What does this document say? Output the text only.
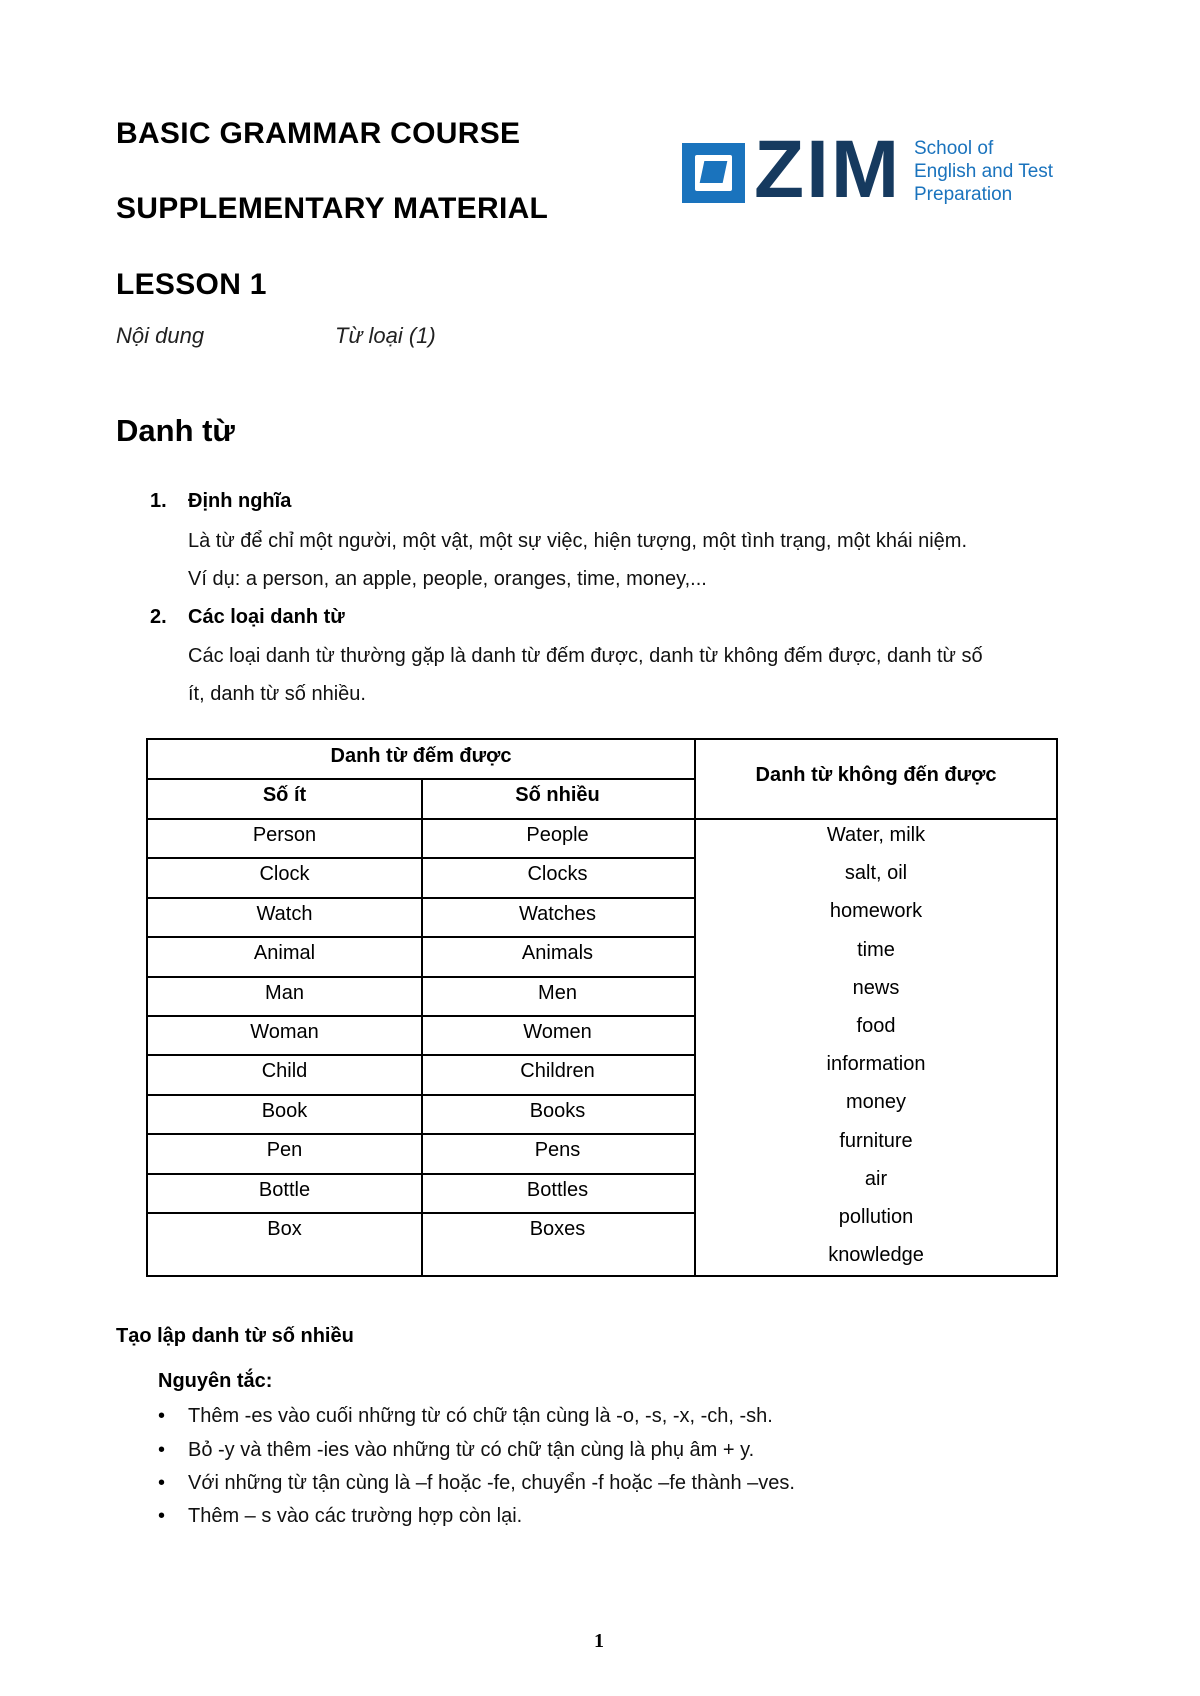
BASIC GRAMMAR COURSE
SUPPLEMENTARY MATERIAL
LESSON 1
Nội dung	Từ loại (1)
ZIM School of
English and Test
Preparation
Danh từ
1. Định nghĩa
Là từ để chỉ một người, một vật, một sự việc, hiện tượng, một tình trạng, một khái niệm.
Ví dụ: a person, an apple, people, oranges, time, money,...
2. Các loại danh từ
Các loại danh từ thường gặp là danh từ đếm được, danh từ không đếm được, danh từ số
ít, danh từ số nhiều.
Danh từ đếm được
Số ít	Số nhiều
Danh từ không đến được
Person
Clock
Watch
Animal
Man
Woman
Child
Book
Pen
Bottle
Box
People
Clocks
Watches
Animals
Men
Women
Children
Books
Pens
Bottles
Boxes
Water, milk
salt, oil
homework
time
news
food
information
money
furniture
air
pollution
knowledge
Tạo lập danh từ số nhiều
Nguyên tắc:
• Thêm -es vào cuối những từ có chữ tận cùng là -o, -s, -x, -ch, -sh.
• Bỏ -y và thêm -ies vào những từ có chữ tận cùng là phụ âm + y.
• Với những từ tận cùng là –f hoặc -fe, chuyển -f hoặc –fe thành –ves.
• Thêm – s vào các trường hợp còn lại.
1
